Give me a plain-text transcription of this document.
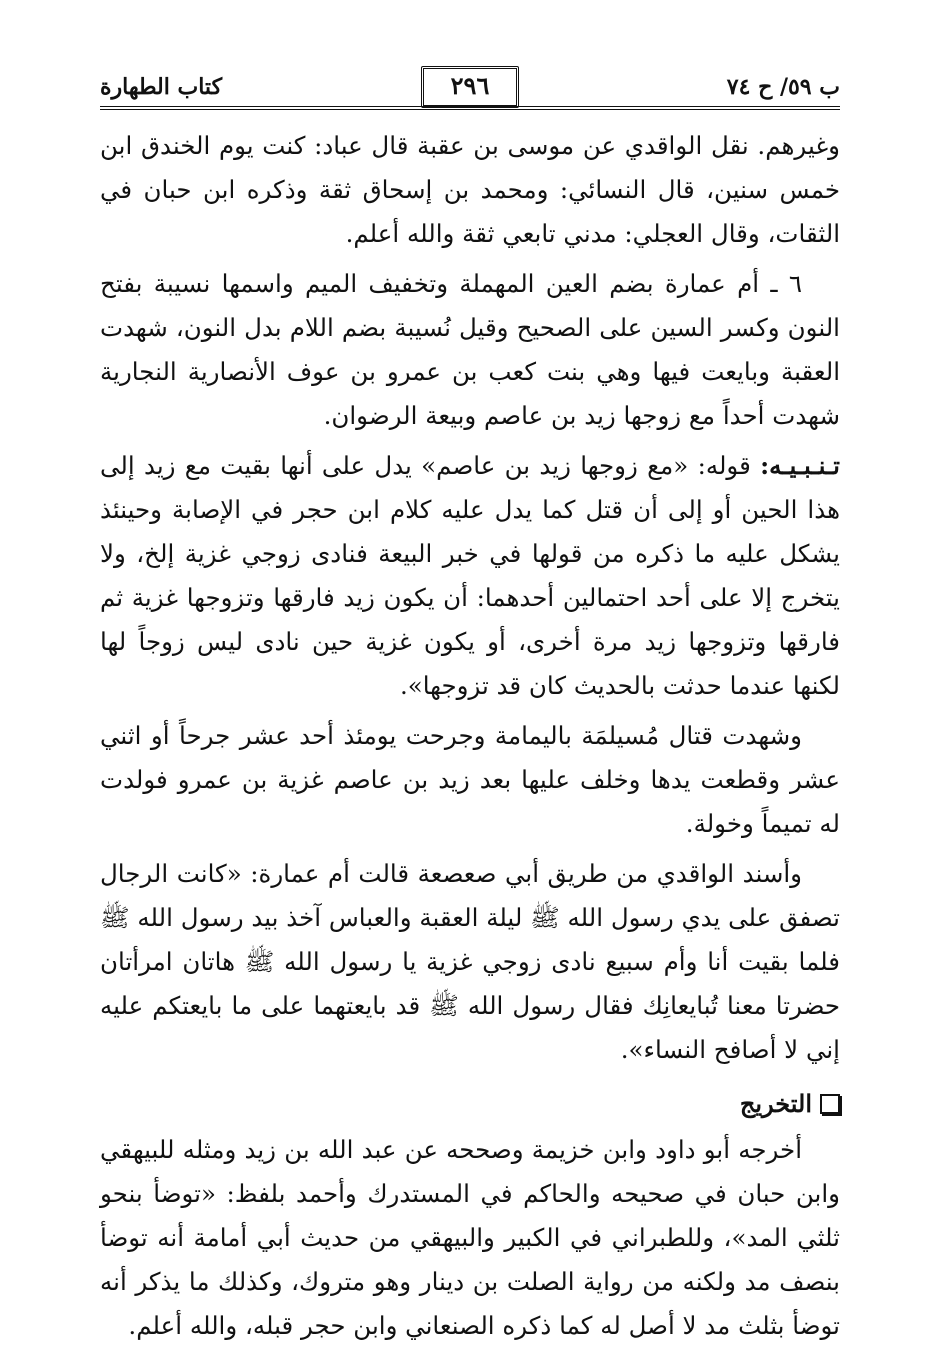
ب ٥٩/ ح ٧٤
٢٩٦
كتاب الطهارة

وغيرهم. نقل الواقدي عن موسى بن عقبة قال عباد: كنت يوم الخندق ابن خمس سنين، قال النسائي: ومحمد بن إسحاق ثقة وذكره ابن حبان في الثقات، وقال العجلي: مدني تابعي ثقة والله أعلم.

٦ ـ أم عمارة بضم العين المهملة وتخفيف الميم واسمها نسيبة بفتح النون وكسر السين على الصحيح وقيل نُسيبة بضم اللام بدل النون، شهدت العقبة وبايعت فيها وهي بنت كعب بن عمرو بن عوف الأنصارية النجارية شهدت أحداً مع زوجها زيد بن عاصم وبيعة الرضوان.

تـنـبـيـه: قوله: «مع زوجها زيد بن عاصم» يدل على أنها بقيت مع زيد إلى هذا الحين أو إلى أن قتل كما يدل عليه كلام ابن حجر في الإصابة وحينئذ يشكل عليه ما ذكره من قولها في خبر البيعة فنادى زوجي غزية إلخ، ولا يتخرج إلا على أحد احتمالين أحدهما: أن يكون زيد فارقها وتزوجها غزية ثم فارقها وتزوجها زيد مرة أخرى، أو يكون غزية حين نادى ليس زوجاً لها لكنها عندما حدثت بالحديث كان قد تزوجها».

وشهدت قتال مُسيلمَة باليمامة وجرحت يومئذ أحد عشر جرحاً أو اثني عشر وقطعت يدها وخلف عليها بعد زيد بن عاصم غزية بن عمرو فولدت له تميماً وخولة.

وأسند الواقدي من طريق أبي صعصعة قالت أم عمارة: «كانت الرجال تصفق على يدي رسول الله ﷺ ليلة العقبة والعباس آخذ بيد رسول الله ﷺ فلما بقيت أنا وأم سبيع نادى زوجي غزية يا رسول الله ﷺ هاتان امرأتان حضرتا معنا تُبايعانِك فقال رسول الله ﷺ قد بايعتهما على ما بايعتكم عليه إني لا أصافح النساء».

التخريج

أخرجه أبو داود وابن خزيمة وصححه عن عبد الله بن زيد ومثله للبيهقي وابن حبان في صحيحه والحاكم في المستدرك وأحمد بلفظ: «توضأ بنحو ثلثي المد»، وللطبراني في الكبير والبيهقي من حديث أبي أمامة أنه توضأ بنصف مد ولكنه من رواية الصلت بن دينار وهو متروك، وكذلك ما يذكر أنه توضأ بثلث مد لا أصل له كما ذكره الصنعاني وابن حجر قبله، والله أعلم.
